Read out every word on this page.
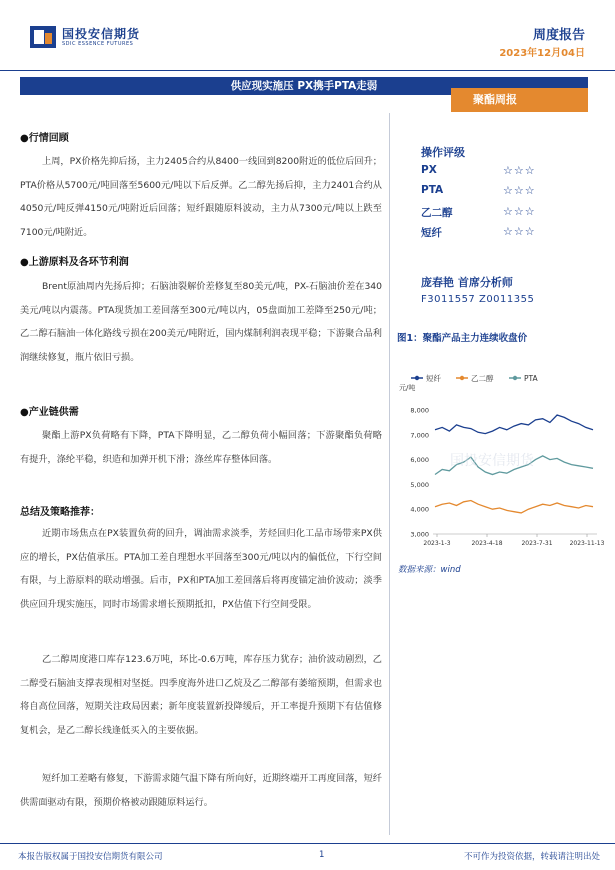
国投安信期货
SDIC ESSENCE FUTURES
周度报告
2023年12月04日
供应现实施压 PX携手PTA走弱
聚酯周报
●行情回顾
上周，PX价格先抑后扬，主力2405合约从8400一线回到8200附近的低位后回升；PTA价格从5700元/吨回落至5600元/吨以下后反弹。乙二醇先扬后抑，主力2401合约从4050元/吨反弹4150元/吨附近后回落；短纤跟随原料波动，主力从7300元/吨以上跌至7100元/吨附近。
●上游原料及各环节利润
Brent原油周内先扬后抑；石脑油裂解价差修复至80美元/吨，PX-石脑油价差在340美元/吨以内震荡。PTA现货加工差回落至300元/吨以内，05盘面加工差降至250元/吨；乙二醇石脑油一体化路线亏损在200美元/吨附近，国内煤制利润表现平稳；下游聚合品利润继续修复，瓶片依旧亏损。
●产业链供需
聚酯上游PX负荷略有下降，PTA下降明显，乙二醇负荷小幅回落；下游聚酯负荷略有提升，涤纶平稳，织造和加弹开机下滑；涤丝库存整体回落。
总结及策略推荐：
近期市场焦点在PX装置负荷的回升，调油需求淡季，芳烃回归化工品市场带来PX供应的增长，PX估值承压。PTA加工差自理想水平回落至300元/吨以内的偏低位，下行空间有限，与上游原料的联动增强。后市，PX和PTA加工差回落后将再度锚定油价波动；淡季供应回升现实施压，同时市场需求增长预期抵扣，PX估值下行空间受限。
乙二醇周度港口库存123.6万吨，环比-0.6万吨，库存压力犹存；油价波动剧烈，乙二醇受石脑油支撑表现相对坚挺。四季度海外进口乙烷及乙二醇部有萎缩预期，但需求也将自高位回落，短期关注政局因素；新年度装置新投降缓后，开工率提升预期下有估值修复机会，是乙二醇长线逢低买入的主要依据。
短纤加工差略有修复，下游需求随气温下降有所向好，近期终端开工再度回落，短纤供需面驱动有限，预期价格被动跟随原料运行。
操作评级
PX	☆☆☆
PTA	☆☆☆
乙二醇	☆☆☆
短纤	☆☆☆
庞春艳 首席分析师
F3011557 Z0011355
图1：聚酯产品主力连续收盘价
短纤	乙二醇	PTA
元/吨
8,000
7,000
6,000
5,000
4,000
3,000
2023-1-3	2023-4-18	2023-7-31	2023-11-13
国投安信期货
数据来源：wind
本报告版权属于国投安信期货有限公司	1	不可作为投资依据，转载请注明出处
